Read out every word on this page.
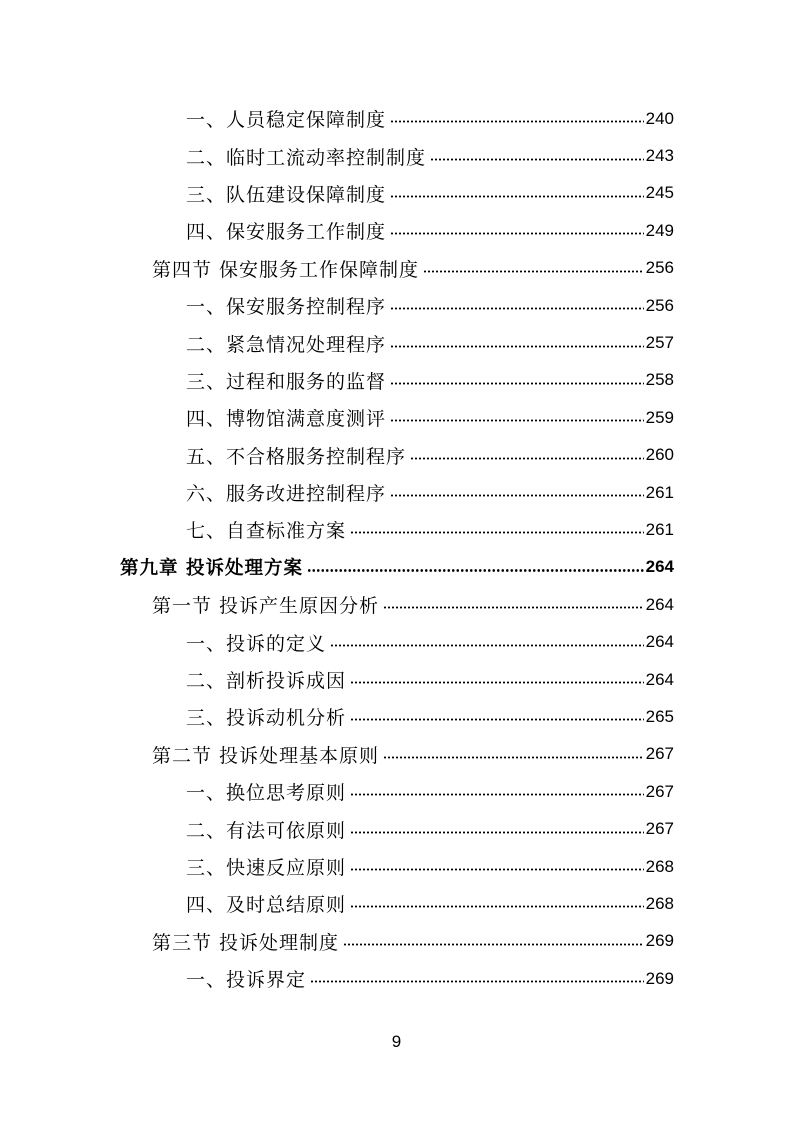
一、人员稳定保障制度	240
二、临时工流动率控制制度	243
三、队伍建设保障制度	245
四、保安服务工作制度	249
第四节 保安服务工作保障制度	256
一、保安服务控制程序	256
二、紧急情况处理程序	257
三、过程和服务的监督	258
四、博物馆满意度测评	259
五、不合格服务控制程序	260
六、服务改进控制程序	261
七、自查标准方案	261
第九章 投诉处理方案	264
第一节 投诉产生原因分析	264
一、投诉的定义	264
二、剖析投诉成因	264
三、投诉动机分析	265
第二节 投诉处理基本原则	267
一、换位思考原则	267
二、有法可依原则	267
三、快速反应原则	268
四、及时总结原则	268
第三节 投诉处理制度	269
一、投诉界定	269
9
